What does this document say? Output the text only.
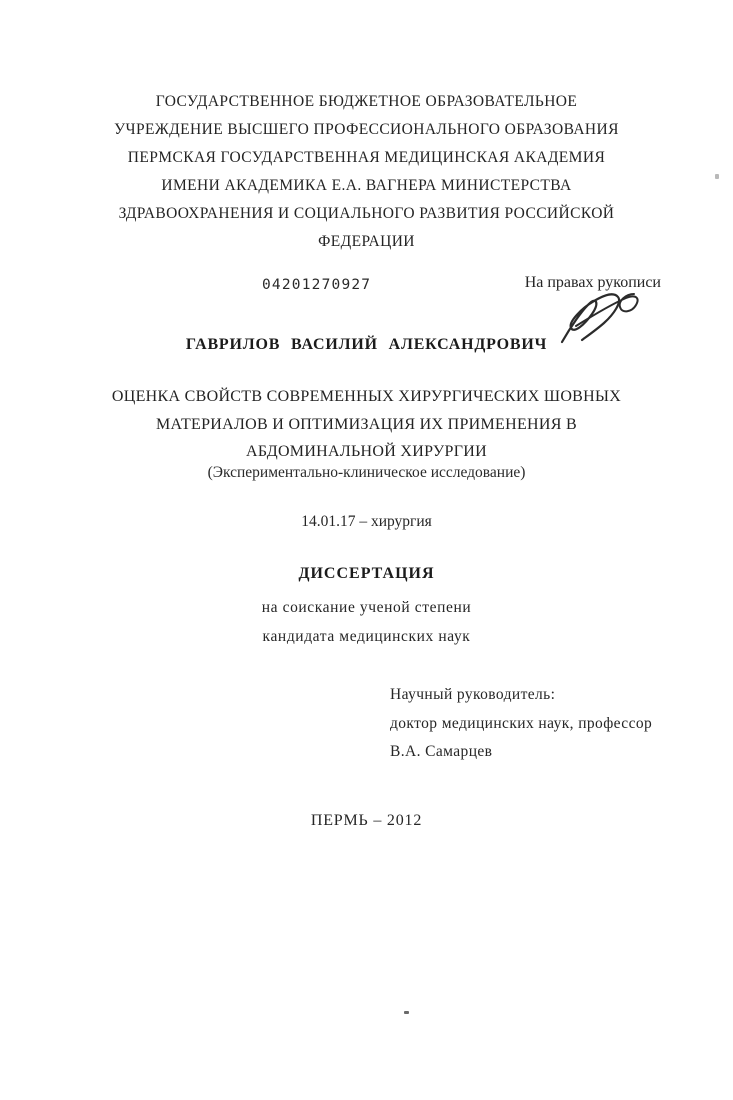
ГОСУДАРСТВЕННОЕ БЮДЖЕТНОЕ ОБРАЗОВАТЕЛЬНОЕ
УЧРЕЖДЕНИЕ ВЫСШЕГО ПРОФЕССИОНАЛЬНОГО ОБРАЗОВАНИЯ
ПЕРМСКАЯ ГОСУДАРСТВЕННАЯ МЕДИЦИНСКАЯ АКАДЕМИЯ
ИМЕНИ АКАДЕМИКА Е.А. ВАГНЕРА МИНИСТЕРСТВА
ЗДРАВООХРАНЕНИЯ И СОЦИАЛЬНОГО РАЗВИТИЯ РОССИЙСКОЙ
ФЕДЕРАЦИИ
04201270927	На правах рукописи
ГАВРИЛОВ ВАСИЛИЙ АЛЕКСАНДРОВИЧ
ОЦЕНКА СВОЙСТВ СОВРЕМЕННЫХ ХИРУРГИЧЕСКИХ ШОВНЫХ
МАТЕРИАЛОВ И ОПТИМИЗАЦИЯ ИХ ПРИМЕНЕНИЯ В
АБДОМИНАЛЬНОЙ ХИРУРГИИ
(Экспериментально-клиническое исследование)
14.01.17 – хирургия
ДИССЕРТАЦИЯ
на соискание ученой степени
кандидата медицинских наук
Научный руководитель:
доктор медицинских наук, профессор
В.А. Самарцев
ПЕРМЬ – 2012
